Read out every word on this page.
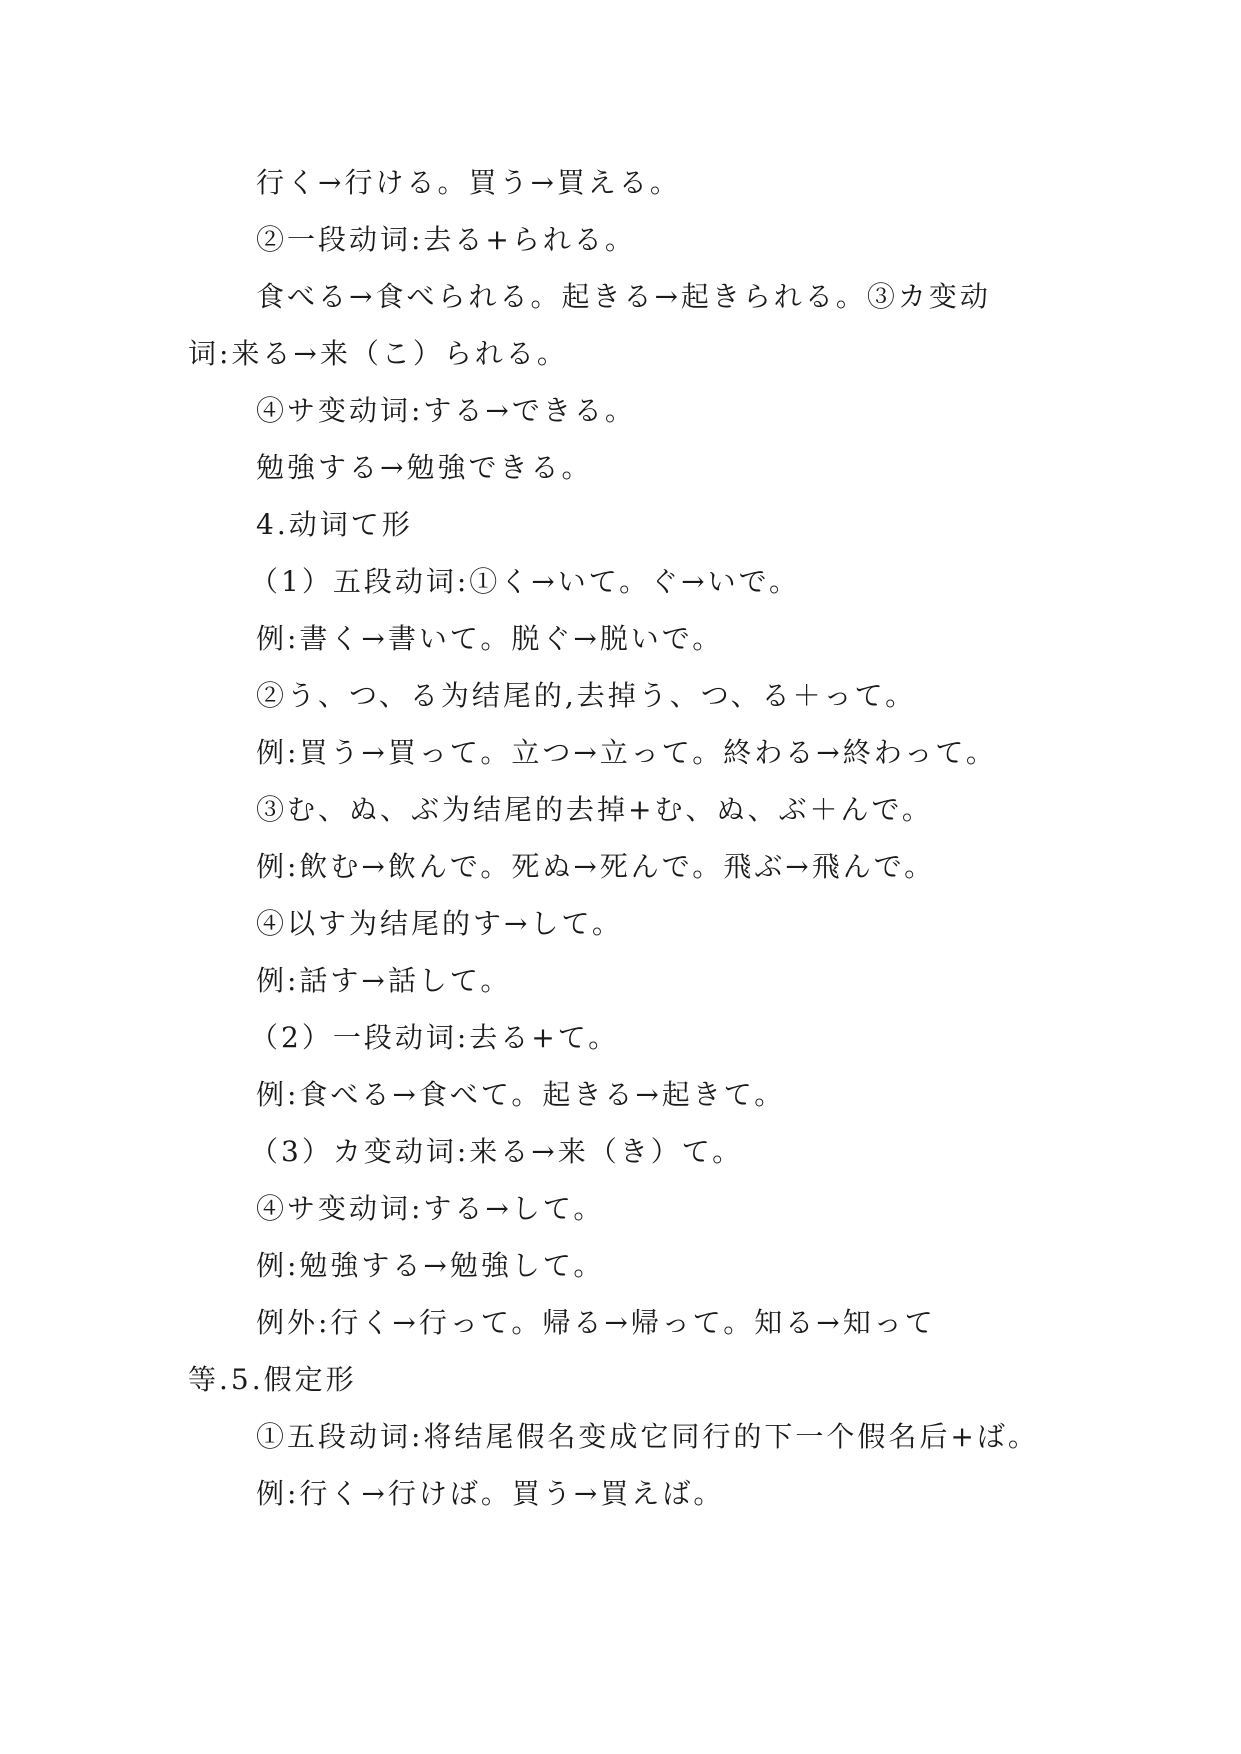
行く→行ける。買う→買える。
②一段动词:去る+られる。
食べる→食べられる。起きる→起きられる。③カ变动
词:来る→来（こ）られる。
④サ变动词:する→できる。
勉強する→勉強できる。
4.动词て形
（1）五段动词:①く→いて。ぐ→いで。
例:書く→書いて。脱ぐ→脱いで。
②う、つ、る为结尾的,去掉う、つ、る＋って。
例:買う→買って。立つ→立って。終わる→終わって。
③む、ぬ、ぶ为结尾的去掉+む、ぬ、ぶ＋んで。
例:飲む→飲んで。死ぬ→死んで。飛ぶ→飛んで。
④以す为结尾的す→して。
例:話す→話して。
（2）一段动词:去る+て。
例:食べる→食べて。起きる→起きて。
（3）カ变动词:来る→来（き）て。
④サ变动词:する→して。
例:勉強する→勉強して。
例外:行く→行って。帰る→帰って。知る→知って
等.5.假定形
①五段动词:将结尾假名变成它同行的下一个假名后+ば。
例:行く→行けば。買う→買えば。
